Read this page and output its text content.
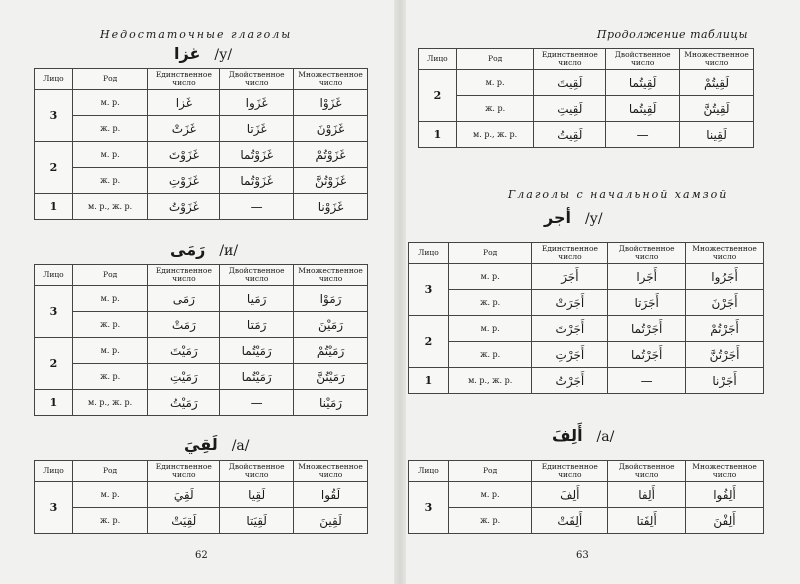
Недостаточные глаголы
غزا /у/
Лицо	Род	Единственное число	Двойственное число	Множественное число
3	м. р.	غَزا	غَزَوا	غَزَوْا
	ж. р.	غَزَتْ	غَزَتا	غَزَوْنَ
2	м. р.	غَزَوْتَ	غَزَوْتُما	غَزَوْتُمْ
	ж. р.	غَزَوْتِ	غَزَوْتُما	غَزَوْتُنَّ
1	м. р., ж. р.	غَزَوْتُ	—	غَزَوْنا
رَمَى /и/
Лицо	Род	Единственное число	Двойственное число	Множественное число
3	м. р.	رَمَى	رَمَيا	رَمَوْا
	ж. р.	رَمَتْ	رَمَتا	رَمَيْنَ
2	м. р.	رَمَيْتَ	رَمَيْتُما	رَمَيْتُمْ
	ж. р.	رَمَيْتِ	رَمَيْتُما	رَمَيْتُنَّ
1	м. р., ж. р.	رَمَيْتُ	—	رَمَيْنا
لَقِيَ /а/
Лицо	Род	Единственное число	Двойственное число	Множественное число
3	м. р.	لَقِيَ	لَقِيا	لَقُوا
	ж. р.	لَقِيَتْ	لَقِيَتا	لَقِينَ
62
Продолжение таблицы
Лицо	Род	Единственное число	Двойственное число	Множественное число
2	м. р.	لَقِيتَ	لَقِيتُما	لَقِيتُمْ
	ж. р.	لَقِيتِ	لَقِيتُما	لَقِيتُنَّ
1	м. р., ж. р.	لَقِيتُ	—	لَقِينا
Глаголы с начальной хамзой
أجر /у/
Лицо	Род	Единственное число	Двойственное число	Множественное число
3	м. р.	أَجَرَ	أَجَرا	أَجَرُوا
	ж. р.	أَجَرَتْ	أَجَرَتا	أَجَرْنَ
2	м. р.	أَجَرْتَ	أَجَرْتُما	أَجَرْتُمْ
	ж. р.	أَجَرْتِ	أَجَرْتُما	أَجَرْتُنَّ
1	м. р., ж. р.	أَجَرْتُ	—	أَجَرْنا
أَلِفَ /а/
Лицо	Род	Единственное число	Двойственное число	Множественное число
3	м. р.	أَلِفَ	أَلِفا	أَلِفُوا
	ж. р.	أَلِفَتْ	أَلِفَتا	أَلِفْنَ
63
